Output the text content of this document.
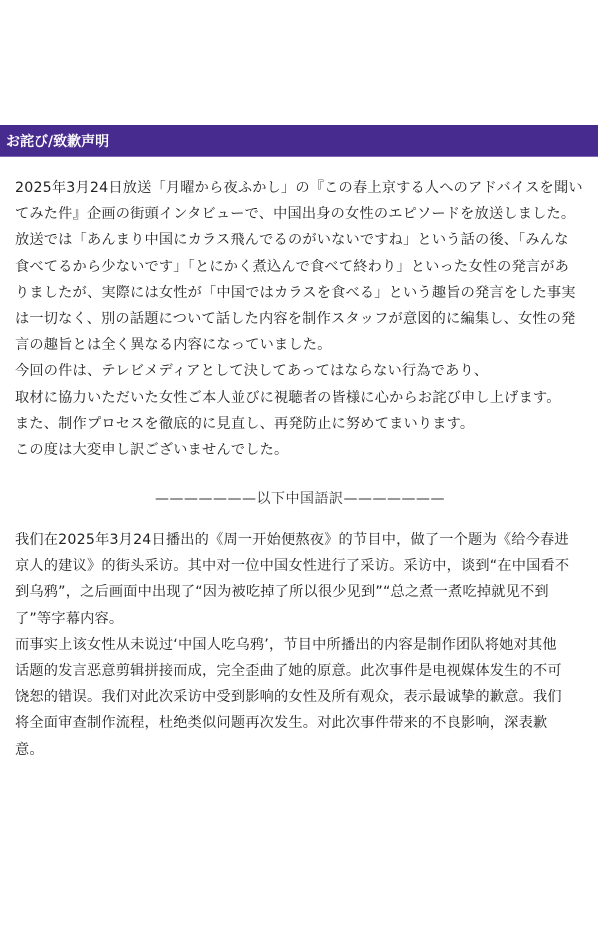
お詫び/致歉声明
2025年3月24日放送「月曜から夜ふかし」の『この春上京する人へのアドバイスを聞い
てみた件』企画の街頭インタビューで、中国出身の女性のエピソードを放送しました。
放送では「あんまり中国にカラス飛んでるのがいないですね」という話の後、「みんな
食べてるから少ないです」「とにかく煮込んで食べて終わり」といった女性の発言があ
りましたが、実際には女性が「中国ではカラスを食べる」という趣旨の発言をした事実
は一切なく、別の話題について話した内容を制作スタッフが意図的に編集し、女性の発
言の趣旨とは全く異なる内容になっていました。
今回の件は、テレビメディアとして決してあってはならない行為であり、
取材に協力いただいた女性ご本人並びに視聴者の皆様に心からお詫び申し上げます。
また、制作プロセスを徹底的に見直し、再発防止に努めてまいります。
この度は大変申し訳ございませんでした。
———————以下中国語訳———————
我们在2025年3月24日播出的《周一开始便熬夜》的节目中，做了一个题为《给今春进
京人的建议》的街头采访。其中对一位中国女性进行了采访。采访中，谈到“在中国看不
到乌鸦”，之后画面中出现了“因为被吃掉了所以很少见到”“总之煮一煮吃掉就见不到
了”等字幕内容。
而事实上该女性从未说过‘中国人吃乌鸦’，节目中所播出的内容是制作团队将她对其他
话题的发言恶意剪辑拼接而成，完全歪曲了她的原意。此次事件是电视媒体发生的不可
饶恕的错误。我们对此次采访中受到影响的女性及所有观众，表示最诚挚的歉意。我们
将全面审查制作流程，杜绝类似问题再次发生。对此次事件带来的不良影响，深表歉
意。
